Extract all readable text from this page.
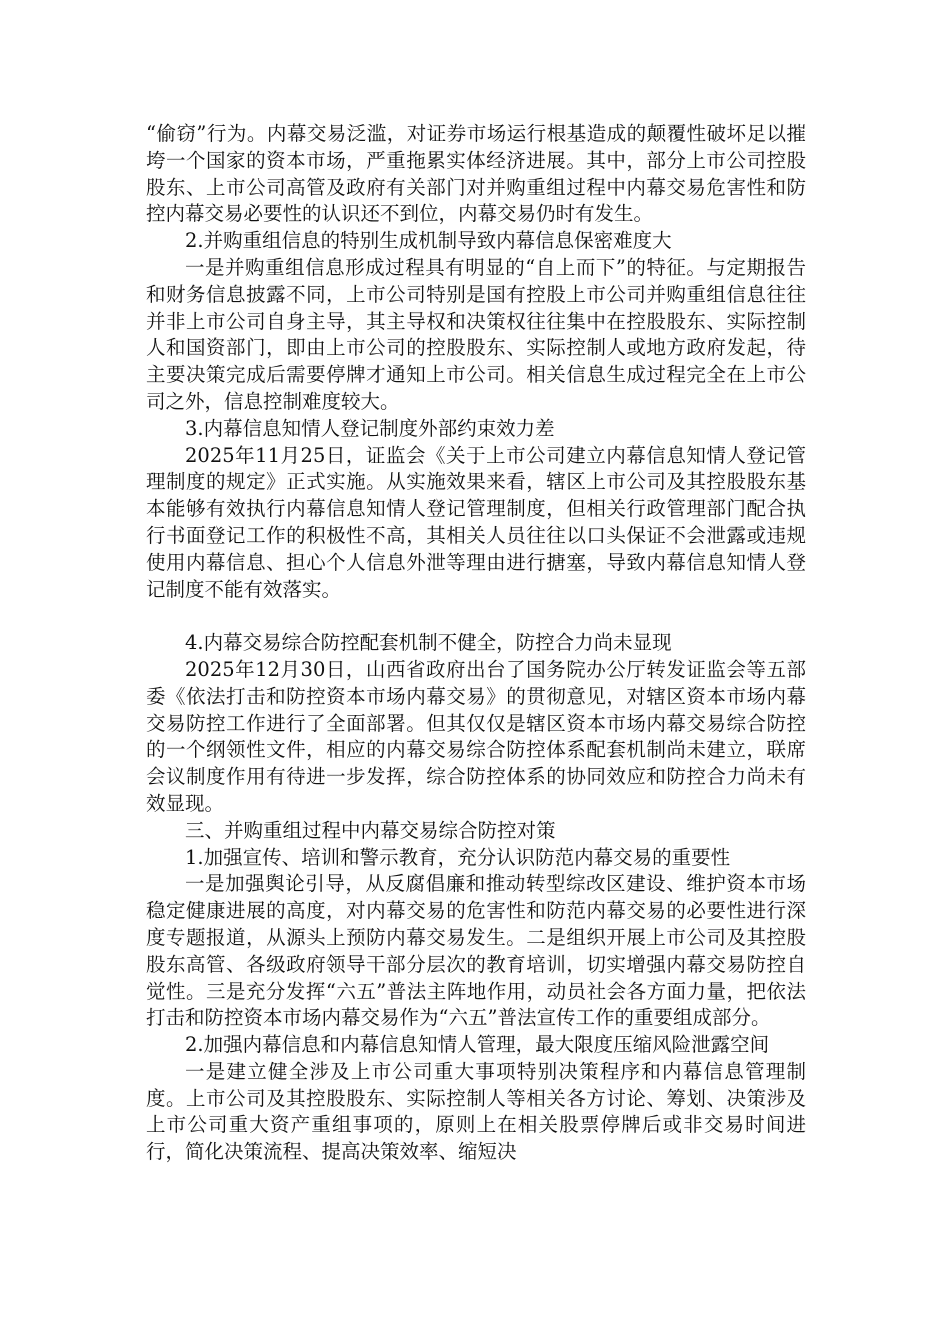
“偷窃”行为。内幕交易泛滥，对证券市场运行根基造成的颠覆性破坏足以摧垮一个国家的资本市场，严重拖累实体经济进展。其中，部分上市公司控股股东、上市公司高管及政府有关部门对并购重组过程中内幕交易危害性和防控内幕交易必要性的认识还不到位，内幕交易仍时有发生。

2.并购重组信息的特别生成机制导致内幕信息保密难度大

一是并购重组信息形成过程具有明显的“自上而下”的特征。与定期报告和财务信息披露不同，上市公司特别是国有控股上市公司并购重组信息往往并非上市公司自身主导，其主导权和决策权往往集中在控股股东、实际控制人和国资部门，即由上市公司的控股股东、实际控制人或地方政府发起，待主要决策完成后需要停牌才通知上市公司。相关信息生成过程完全在上市公司之外，信息控制难度较大。

3.内幕信息知情人登记制度外部约束效力差

2025年11月25日，证监会《关于上市公司建立内幕信息知情人登记管理制度的规定》正式实施。从实施效果来看，辖区上市公司及其控股股东基本能够有效执行内幕信息知情人登记管理制度，但相关行政管理部门配合执行书面登记工作的积极性不高，其相关人员往往以口头保证不会泄露或违规使用内幕信息、担心个人信息外泄等理由进行搪塞，导致内幕信息知情人登记制度不能有效落实。

4.内幕交易综合防控配套机制不健全，防控合力尚未显现

2025年12月30日，山西省政府出台了国务院办公厅转发证监会等五部委《依法打击和防控资本市场内幕交易》的贯彻意见，对辖区资本市场内幕交易防控工作进行了全面部署。但其仅仅是辖区资本市场内幕交易综合防控的一个纲领性文件，相应的内幕交易综合防控体系配套机制尚未建立，联席会议制度作用有待进一步发挥，综合防控体系的协同效应和防控合力尚未有效显现。

三、并购重组过程中内幕交易综合防控对策

1.加强宣传、培训和警示教育，充分认识防范内幕交易的重要性

一是加强舆论引导，从反腐倡廉和推动转型综改区建设、维护资本市场稳定健康进展的高度，对内幕交易的危害性和防范内幕交易的必要性进行深度专题报道，从源头上预防内幕交易发生。二是组织开展上市公司及其控股股东高管、各级政府领导干部分层次的教育培训，切实增强内幕交易防控自觉性。三是充分发挥“六五”普法主阵地作用，动员社会各方面力量，把依法打击和防控资本市场内幕交易作为“六五”普法宣传工作的重要组成部分。

2.加强内幕信息和内幕信息知情人管理，最大限度压缩风险泄露空间

一是建立健全涉及上市公司重大事项特别决策程序和内幕信息管理制度。上市公司及其控股股东、实际控制人等相关各方讨论、筹划、决策涉及上市公司重大资产重组事项的，原则上在相关股票停牌后或非交易时间进行，简化决策流程、提高决策效率、缩短决
